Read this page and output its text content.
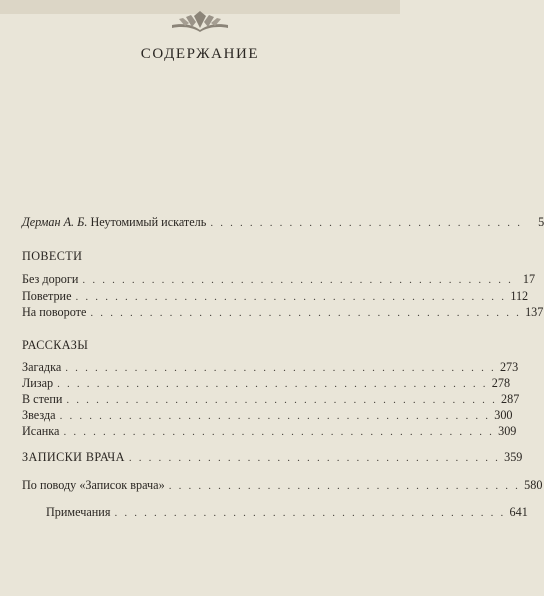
СОДЕРЖАНИЕ

Дерман А. Б. Неутомимый искатель . . . . . . . . . . . . . . . . . . . . . . . . . . . . . . . .	5
ПОВЕСТИ
Без дороги . . . . . . . . . . . . . . . . . . . . . . . . . . . . . . . . . . . . . . . . . . . . 17
Поветрие . . . . . . . . . . . . . . . . . . . . . . . . . . . . . . . . . . . . . . . . . . . . 112
На повороте . . . . . . . . . . . . . . . . . . . . . . . . . . . . . . . . . . . . . . . . . . . . 137
РАССКАЗЫ
Загадка . . . . . . . . . . . . . . . . . . . . . . . . . . . . . . . . . . . . . . . . . . . . 273
Лизар . . . . . . . . . . . . . . . . . . . . . . . . . . . . . . . . . . . . . . . . . . . . 278
В степи . . . . . . . . . . . . . . . . . . . . . . . . . . . . . . . . . . . . . . . . . . . . 287
Звезда . . . . . . . . . . . . . . . . . . . . . . . . . . . . . . . . . . . . . . . . . . . . 300
Исанка . . . . . . . . . . . . . . . . . . . . . . . . . . . . . . . . . . . . . . . . . . . . 309
ЗАПИСКИ ВРАЧА . . . . . . . . . . . . . . . . . . . . . . . . . . . . . . . . . . . . . . 359
По поводу «Записок врача» . . . . . . . . . . . . . . . . . . . . . . . . . . . . . . . . . . . . 580
Примечания . . . . . . . . . . . . . . . . . . . . . . . . . . . . . . . . . . . . . . . . 641
